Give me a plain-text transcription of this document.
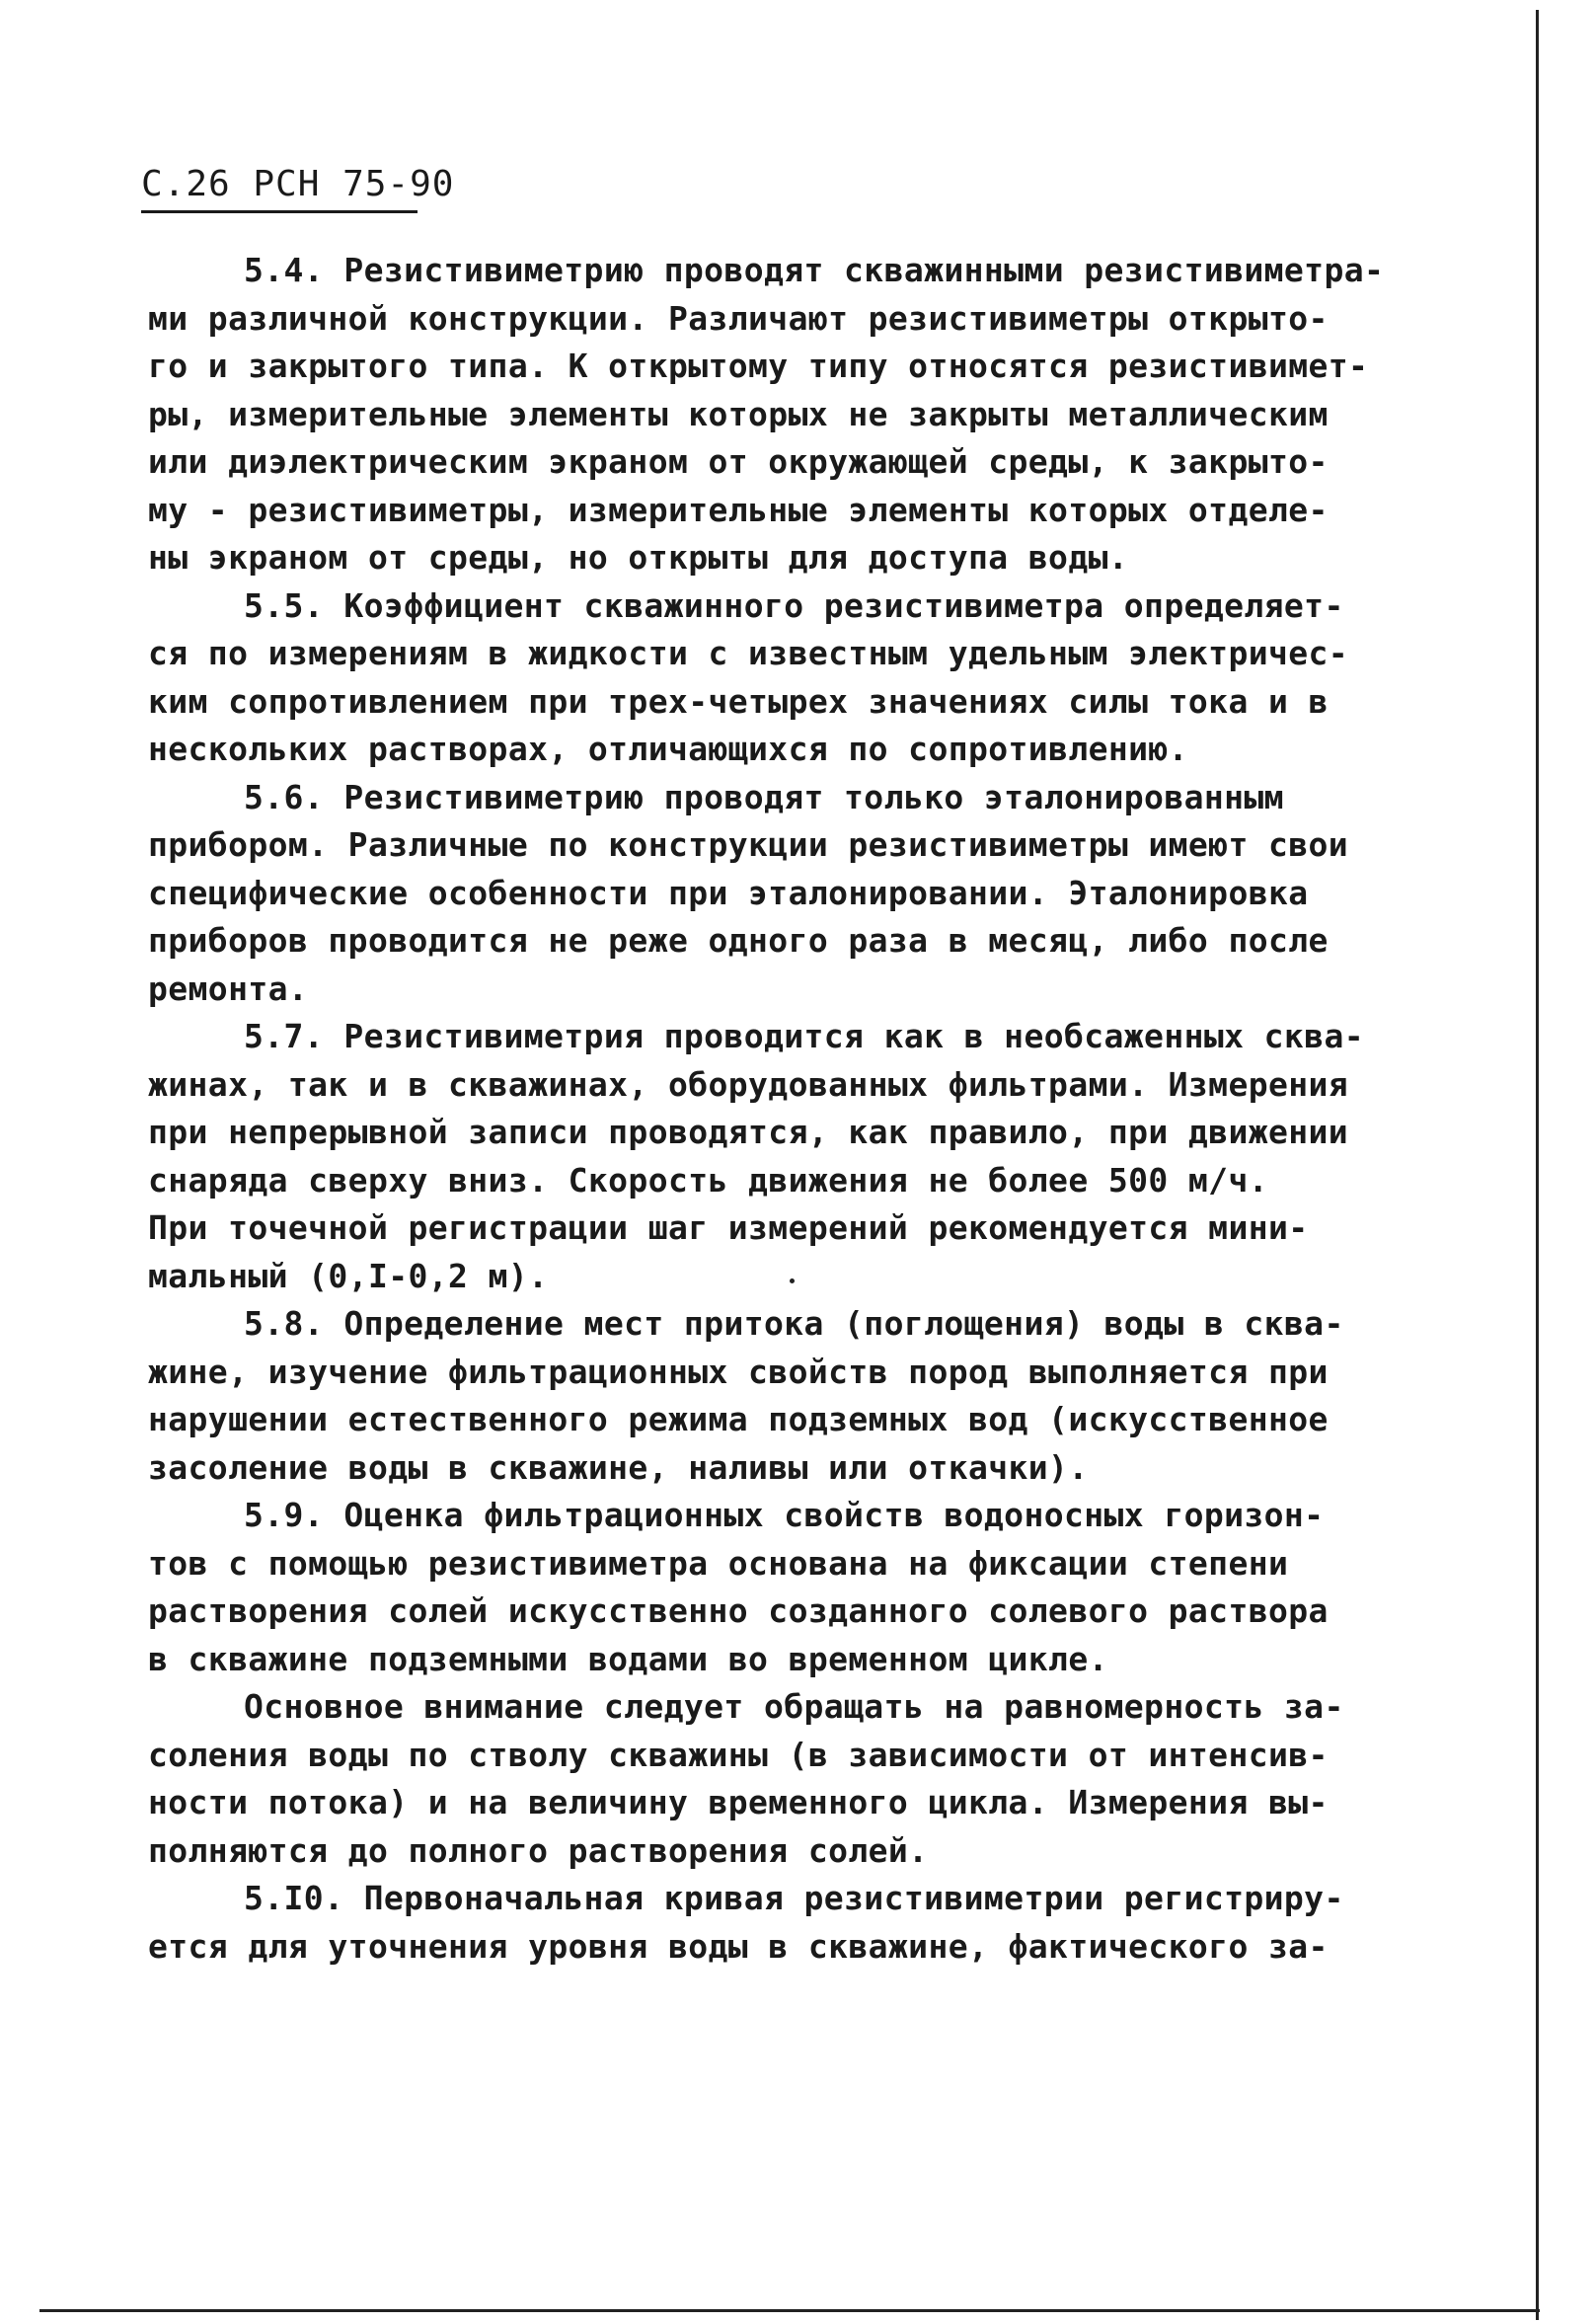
С.26 РСН 75-90
5.4. Резистивиметрию проводят скважинными резистивиметра-
ми различной конструкции. Различают резистивиметры открыто-
го и закрытого типа. К открытому типу относятся резистивимет-
ры, измерительные элементы которых не закрыты металлическим
или диэлектрическим экраном от окружающей среды, к закрыто-
му - резистивиметры, измерительные элементы которых отделе-
ны экраном от среды, но открыты для доступа воды.
5.5. Коэффициент скважинного резистивиметра определяет-
ся по измерениям в жидкости с известным удельным электричес-
ким сопротивлением при трех-четырех значениях силы тока и в
нескольких растворах, отличающихся по сопротивлению.
5.6. Резистивиметрию проводят только эталонированным
прибором. Различные по конструкции резистивиметры имеют свои
специфические особенности при эталонировании. Эталонировка
приборов проводится не реже одного раза в месяц, либо после
ремонта.
5.7. Резистивиметрия проводится как в необсаженных сква-
жинах, так и в скважинах, оборудованных фильтрами. Измерения
при непрерывной записи проводятся, как правило, при движении
снаряда сверху вниз. Скорость движения не более 500 м/ч.
При точечной регистрации шаг измерений рекомендуется мини-
мальный (0,I-0,2 м).
5.8. Определение мест притока (поглощения) воды в сква-
жине, изучение фильтрационных свойств пород выполняется при
нарушении естественного режима подземных вод (искусственное
засоление воды в скважине, наливы или откачки).
5.9. Оценка фильтрационных свойств водоносных горизон-
тов с помощью резистивиметра основана на фиксации степени
растворения солей искусственно созданного солевого раствора
в скважине подземными водами во временном цикле.
Основное внимание следует обращать на равномерность за-
соления воды по стволу скважины (в зависимости от интенсив-
ности потока) и на величину временного цикла. Измерения вы-
полняются до полного растворения солей.
5.I0. Первоначальная кривая резистивиметрии регистриру-
ется для уточнения уровня воды в скважине, фактического за-
